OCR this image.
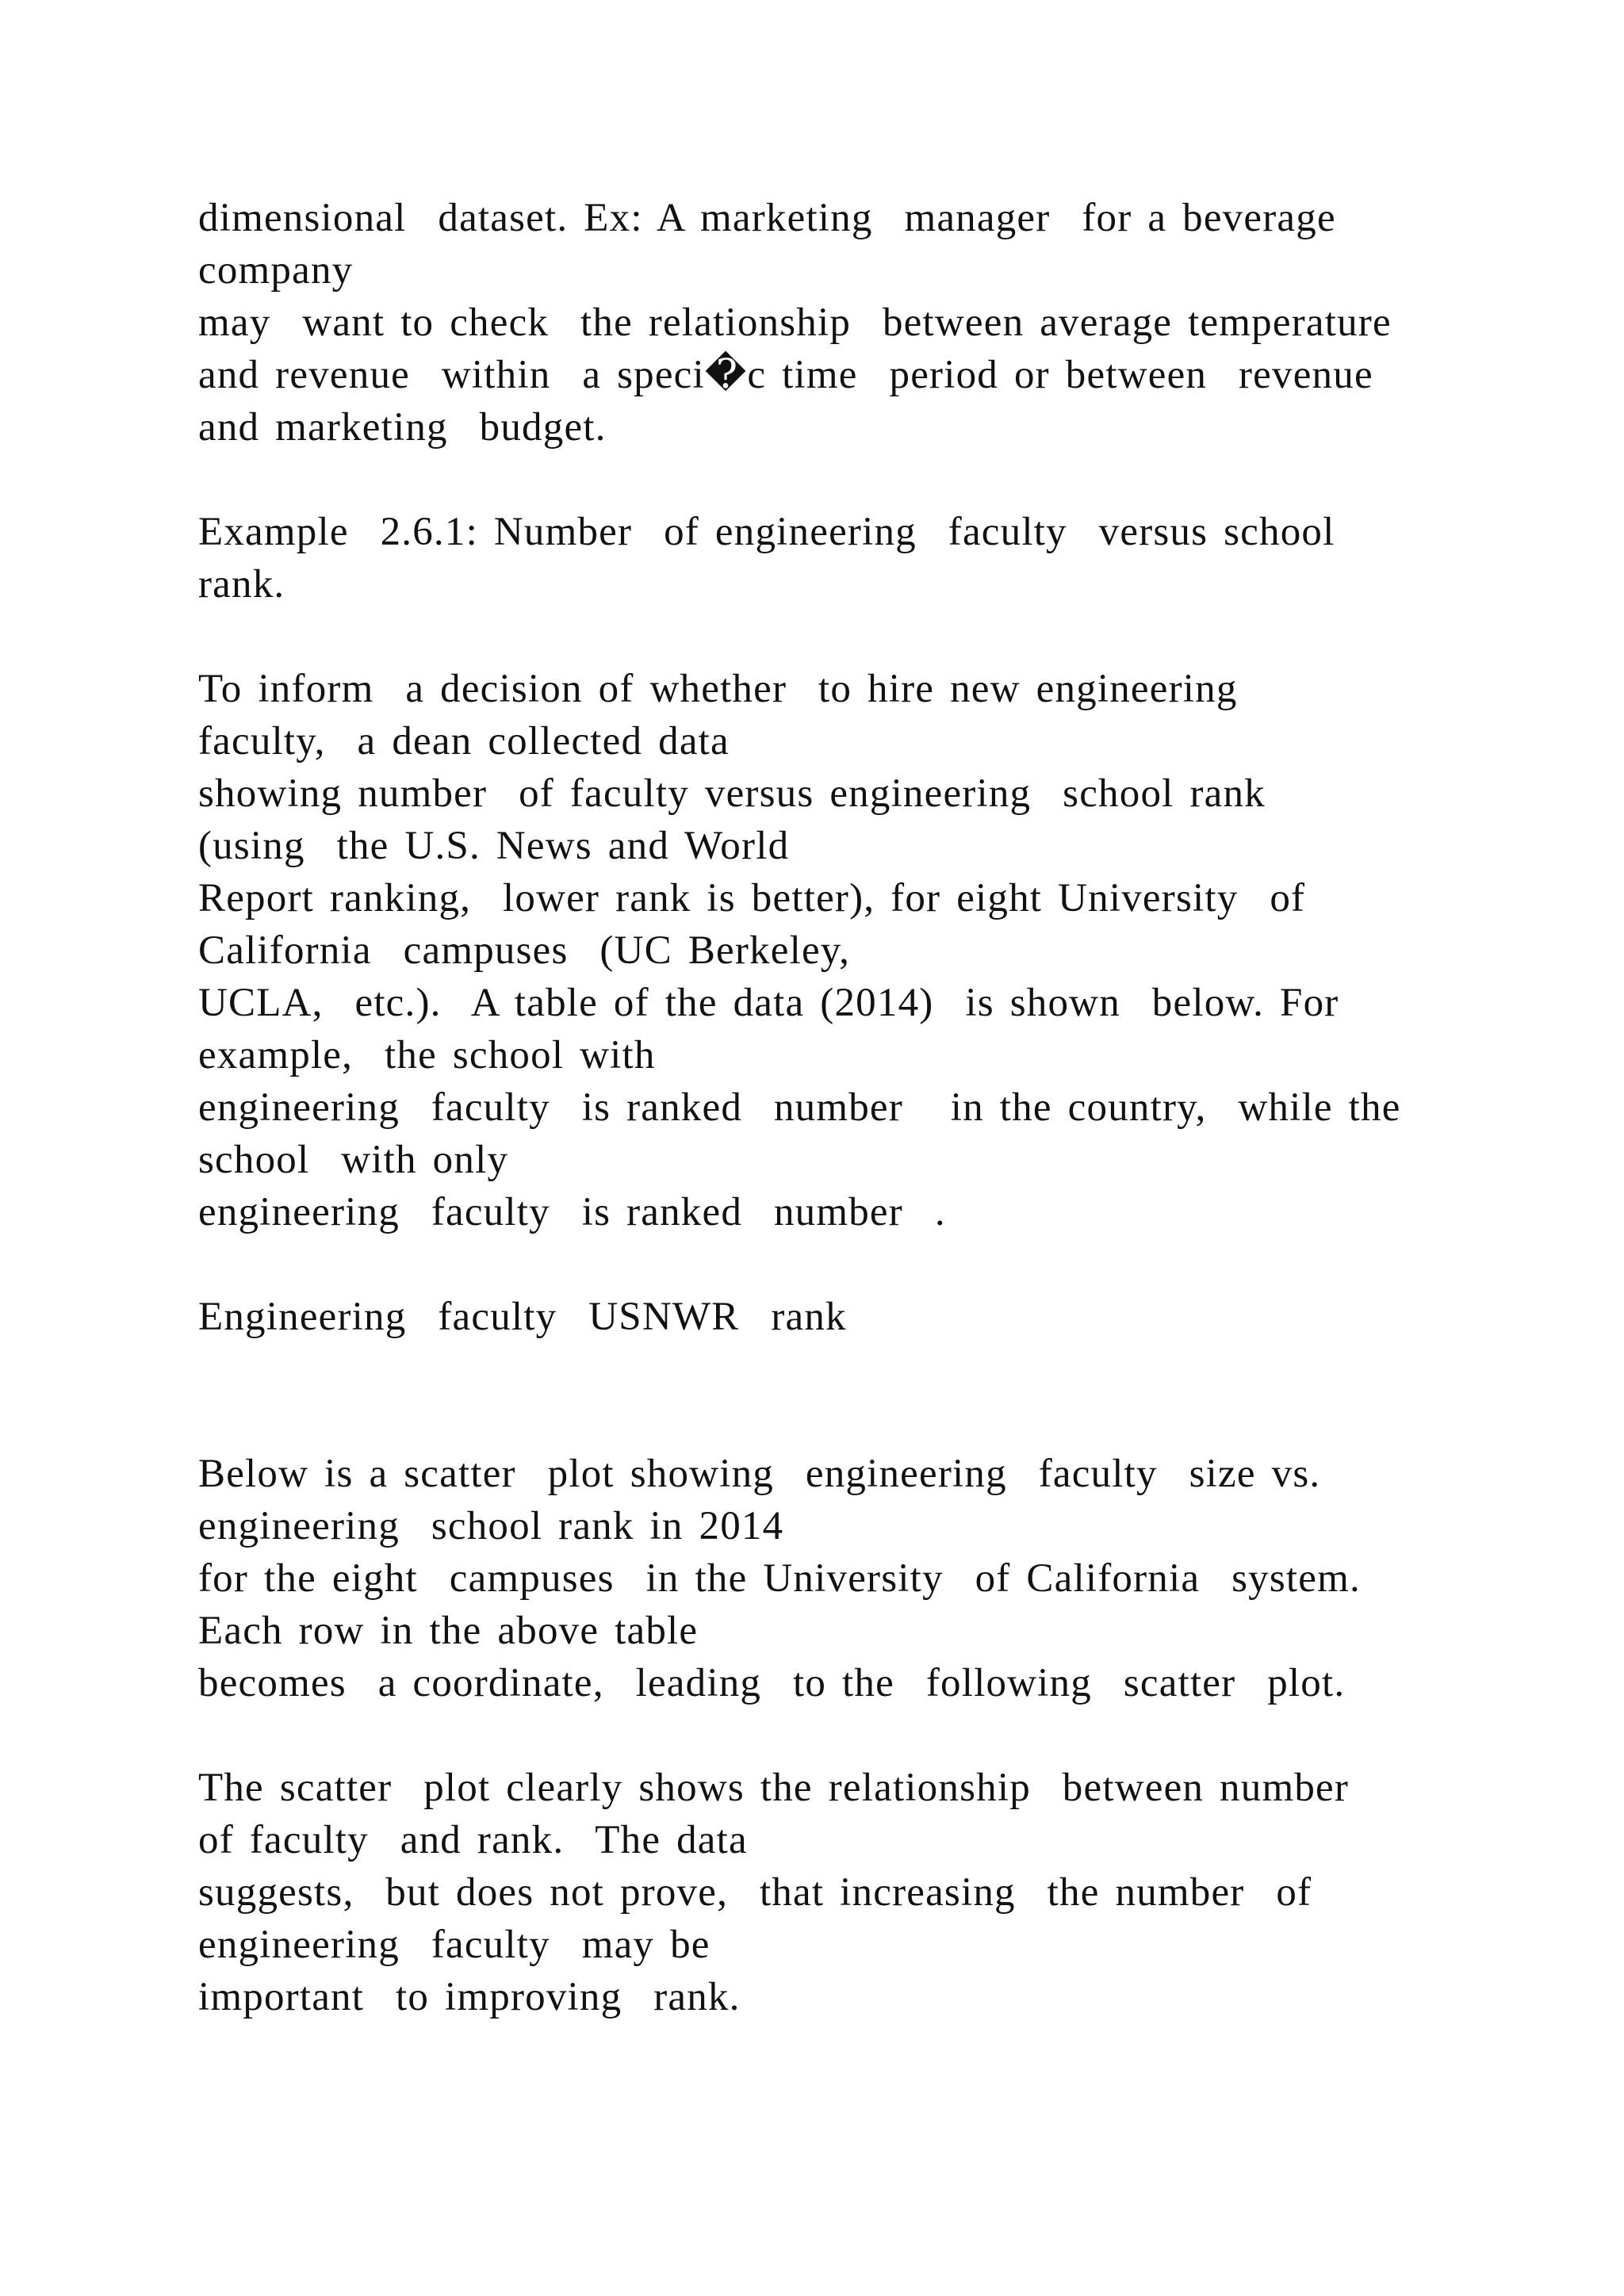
dimensional  dataset. Ex: A marketing  manager  for a beverage
company
may  want to check  the relationship  between average temperature
and revenue  within  a speci�c time  period or between  revenue
and marketing  budget.
Example  2.6.1: Number  of engineering  faculty  versus school
rank.
To inform  a decision of whether  to hire new engineering
faculty,  a dean collected data
showing number  of faculty versus engineering  school rank
(using  the U.S. News and World
Report ranking,  lower rank is better), for eight University  of
California  campuses  (UC Berkeley,
UCLA,  etc.).  A table of the data (2014)  is shown  below. For
example,  the school with
engineering  faculty  is ranked  number   in the country,  while the
school  with only
engineering  faculty  is ranked  number  .
Engineering  faculty  USNWR  rank
Below is a scatter  plot showing  engineering  faculty  size vs.
engineering  school rank in 2014
for the eight  campuses  in the University  of California  system.
Each row in the above table
becomes  a coordinate,  leading  to the  following  scatter  plot.
The scatter  plot clearly shows the relationship  between number
of faculty  and rank.  The data
suggests,  but does not prove,  that increasing  the number  of
engineering  faculty  may be
important  to improving  rank.
